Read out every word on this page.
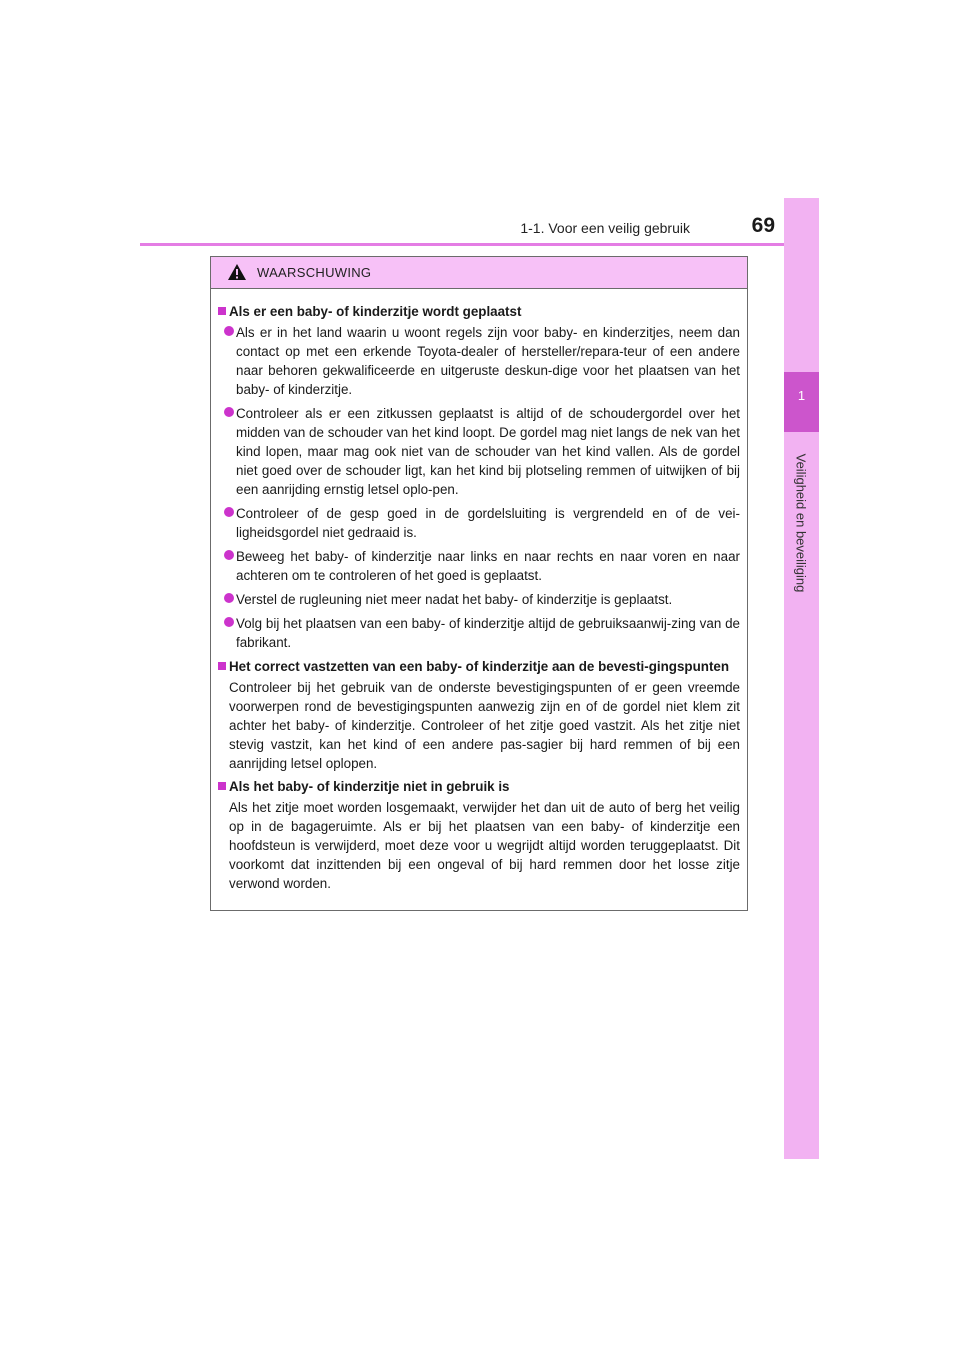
1-1. Voor een veilig gebruik	69
1
Veiligheid en beveiliging
WAARSCHUWING
Als er een baby- of kinderzitje wordt geplaatst
Als er in het land waarin u woont regels zijn voor baby- en kinderzitjes, neem dan contact op met een erkende Toyota-dealer of hersteller/repara-teur of een andere naar behoren gekwalificeerde en uitgeruste deskun-dige voor het plaatsen van het baby- of kinderzitje.
Controleer als er een zitkussen geplaatst is altijd of de schoudergordel over het midden van de schouder van het kind loopt. De gordel mag niet langs de nek van het kind lopen, maar mag ook niet van de schouder van het kind vallen. Als de gordel niet goed over de schouder ligt, kan het kind bij plotseling remmen of uitwijken of bij een aanrijding ernstig letsel oplo-pen.
Controleer of de gesp goed in de gordelsluiting is vergrendeld en of de vei-ligheidsgordel niet gedraaid is.
Beweeg het baby- of kinderzitje naar links en naar rechts en naar voren en naar achteren om te controleren of het goed is geplaatst.
Verstel de rugleuning niet meer nadat het baby- of kinderzitje is geplaatst.
Volg bij het plaatsen van een baby- of kinderzitje altijd de gebruiksaanwij-zing van de fabrikant.
Het correct vastzetten van een baby- of kinderzitje aan de bevesti-gingspunten
Controleer bij het gebruik van de onderste bevestigingspunten of er geen vreemde voorwerpen rond de bevestigingspunten aanwezig zijn en of de gordel niet klem zit achter het baby- of kinderzitje. Controleer of het zitje goed vastzit. Als het zitje niet stevig vastzit, kan het kind of een andere pas-sagier bij hard remmen of bij een aanrijding letsel oplopen.
Als het baby- of kinderzitje niet in gebruik is
Als het zitje moet worden losgemaakt, verwijder het dan uit de auto of berg het veilig op in de bagageruimte. Als er bij het plaatsen van een baby- of kinderzitje een hoofdsteun is verwijderd, moet deze voor u wegrijdt altijd worden teruggeplaatst. Dit voorkomt dat inzittenden bij een ongeval of bij hard remmen door het losse zitje verwond worden.
